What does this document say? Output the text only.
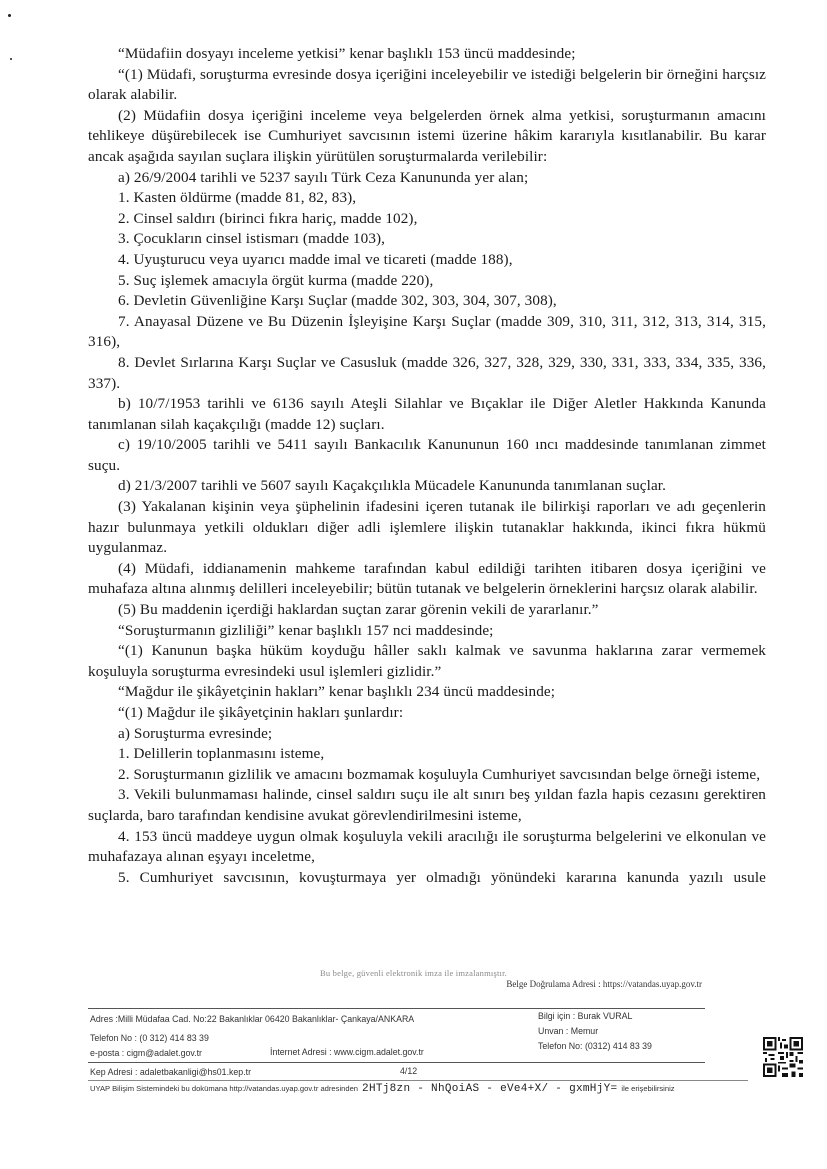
“Müdafiin dosyayı inceleme yetkisi” kenar başlıklı 153 üncü maddesinde;

“(1) Müdafi, soruşturma evresinde dosya içeriğini inceleyebilir ve istediği belgelerin bir örneğini harçsız olarak alabilir.

(2) Müdafiin dosya içeriğini inceleme veya belgelerden örnek alma yetkisi, soruşturmanın amacını tehlikeye düşürebilecek ise Cumhuriyet savcısının istemi üzerine hâkim kararıyla kısıtlanabilir. Bu karar ancak aşağıda sayılan suçlara ilişkin yürütülen soruşturmalarda verilebilir:

a) 26/9/2004 tarihli ve 5237 sayılı Türk Ceza Kanununda yer alan;

1. Kasten öldürme (madde 81, 82, 83),

2. Cinsel saldırı (birinci fıkra hariç, madde 102),

3. Çocukların cinsel istismarı (madde 103),

4. Uyuşturucu veya uyarıcı madde imal ve ticareti (madde 188),

5. Suç işlemek amacıyla örgüt kurma (madde 220),

6. Devletin Güvenliğine Karşı Suçlar (madde 302, 303, 304, 307, 308),

7. Anayasal Düzene ve Bu Düzenin İşleyişine Karşı Suçlar (madde 309, 310, 311, 312, 313, 314, 315, 316),

8. Devlet Sırlarına Karşı Suçlar ve Casusluk (madde 326, 327, 328, 329, 330, 331, 333, 334, 335, 336, 337).

b) 10/7/1953 tarihli ve 6136 sayılı Ateşli Silahlar ve Bıçaklar ile Diğer Aletler Hakkında Kanunda tanımlanan silah kaçakçılığı (madde 12) suçları.

c) 19/10/2005 tarihli ve 5411 sayılı Bankacılık Kanununun 160 ıncı maddesinde tanımlanan zimmet suçu.

d) 21/3/2007 tarihli ve 5607 sayılı Kaçakçılıkla Mücadele Kanununda tanımlanan suçlar.

(3) Yakalanan kişinin veya şüphelinin ifadesini içeren tutanak ile bilirkişi raporları ve adı geçenlerin hazır bulunmaya yetkili oldukları diğer adli işlemlere ilişkin tutanaklar hakkında, ikinci fıkra hükmü uygulanmaz.

(4) Müdafi, iddianamenin mahkeme tarafından kabul edildiği tarihten itibaren dosya içeriğini ve muhafaza altına alınmış delilleri inceleyebilir; bütün tutanak ve belgelerin örneklerini harçsız olarak alabilir.

(5) Bu maddenin içerdiği haklardan suçtan zarar görenin vekili de yararlanır.”

“Soruşturmanın gizliliği” kenar başlıklı 157 nci maddesinde;

“(1) Kanunun başka hüküm koyduğu hâller saklı kalmak ve savunma haklarına zarar vermemek koşuluyla soruşturma evresindeki usul işlemleri gizlidir.”

“Mağdur ile şikâyetçinin hakları” kenar başlıklı 234 üncü maddesinde;

“(1) Mağdur ile şikâyetçinin hakları şunlardır:

a) Soruşturma evresinde;

1. Delillerin toplanmasını isteme,

2. Soruşturmanın gizlilik ve amacını bozmamak koşuluyla Cumhuriyet savcısından belge örneği isteme,

3. Vekili bulunmaması halinde, cinsel saldırı suçu ile alt sınırı beş yıldan fazla hapis cezasını gerektiren suçlarda, baro tarafından kendisine avukat görevlendirilmesini isteme,

4. 153 üncü maddeye uygun olmak koşuluyla vekili aracılığı ile soruşturma belgelerini ve elkonulan ve muhafazaya alınan eşyayı inceletme,

5. Cumhuriyet savcısının, kovuşturmaya yer olmadığı yönündeki kararına kanunda yazılı usule

Bu belge, güvenli elektronik imza ile imzalanmıştır.
Belge Doğrulama Adresi : https://vatandas.uyap.gov.tr
Adres :Milli Müdafaa Cad. No:22 Bakanlıklar 06420 Bakanlıklar- Çankaya/ANKARA
Telefon No : (0 312) 414 83 39
e-posta : cigm@adalet.gov.tr	İnternet Adresi : www.cigm.adalet.gov.tr
Bilgi için : Burak VURAL
Unvan : Memur
Telefon No: (0312) 414 83 39
Kep Adresi : adaletbakanligi@hs01.kep.tr	4/12
UYAP Bilişim Sistemindeki bu dokümana http://vatandas.uyap.gov.tr adresinden 2HTj8zn - NhQoiAS - eVe4+X/ - gxmHjY= ile erişebilirsiniz
